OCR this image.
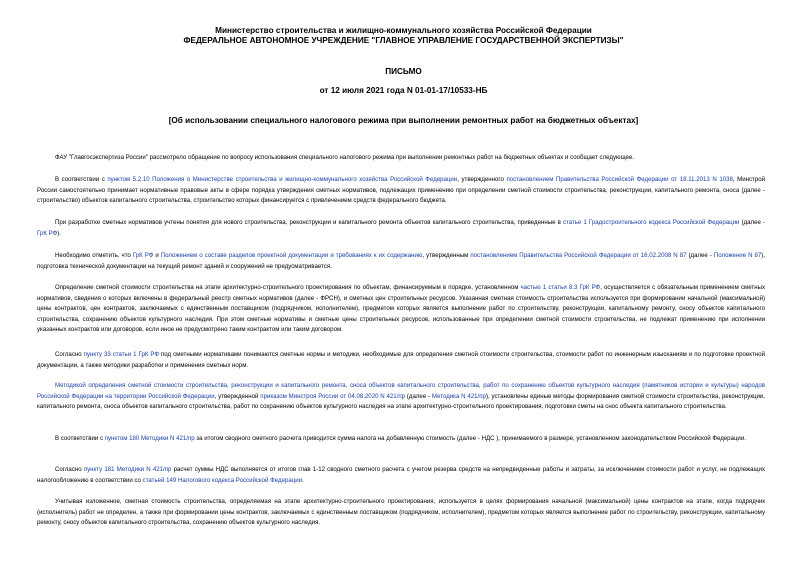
Министерство строительства и жилищно-коммунального хозяйства Российской Федерации
ФЕДЕРАЛЬНОЕ АВТОНОМНОЕ УЧРЕЖДЕНИЕ "ГЛАВНОЕ УПРАВЛЕНИЕ ГОСУДАРСТВЕННОЙ ЭКСПЕРТИЗЫ"
ПИСЬМО
от 12 июля 2021 года N 01-01-17/10533-НБ
[Об использовании специального налогового режима при выполнении ремонтных работ на бюджетных объектах]

ФАУ "Главгосэкспертиза России" рассмотрело обращение по вопросу использования специального налогового режима при выполнении ремонтных работ на бюджетных объектах и сообщает следующее.

В соответствии с пунктом 5.2.10 Положения о Министерстве строительства и жилищно-коммунального хозяйства Российской Федерации, утвержденного постановлением Правительства Российской Федерации от 18.11.2013 N 1038, Минстрой России самостоятельно принимает нормативные правовые акты в сфере порядка утверждения сметных нормативов, подлежащих применению при определении сметной стоимости строительства, реконструкции, капитального ремонта, сноса (далее - строительство) объектов капитального строительства, строительство которых финансируется с привлечением средств федерального бюджета.

При разработке сметных нормативов учтены понятия для нового строительства, реконструкции и капитального ремонта объектов капитального строительства, приведенные в статье 1 Градостроительного кодекса Российской Федерации (далее - ГрК РФ).

Необходимо отметить, что ГрК РФ и Положением о составе разделов проектной документации и требованиях к их содержанию, утвержденным постановлением Правительства Российской Федерации от 16.02.2008 N 87 (далее - Положение N 87), подготовка технической документации на текущий ремонт зданий и сооружений не предусматривается.

Определение сметной стоимости строительства на этапе архитектурно-строительного проектирования по объектам, финансируемым в порядке, установленном частью 1 статьи 8.3 ГрК РФ, осуществляется с обязательным применением сметных нормативов, сведения о которых включены в федеральный реестр сметных нормативов (далее - ФРСН), и сметных цен строительных ресурсов. Указанная сметная стоимость строительства используется при формировании начальной (максимальной) цены контрактов, цен контрактов, заключаемых с единственным поставщиком (подрядчиком, исполнителем), предметом которых является выполнение работ по строительству, реконструкции, капитальному ремонту, сносу объектов капитального строительства, сохранению объектов культурного наследия. При этом сметные нормативы и сметные цены строительных ресурсов, использованные при определении сметной стоимости строительства, не подлежат применению при исполнении указанных контрактов или договоров, если иное не предусмотрено таким контрактом или таким договором.

Согласно пункту 33 статьи 1 ГрК РФ под сметными нормативами понимаются сметные нормы и методики, необходимые для определения сметной стоимости строительства, стоимости работ по инженерным изысканиям и по подготовке проектной документации, а также методики разработки и применения сметных норм.

Методикой определения сметной стоимости строительства, реконструкции и капитального ремонта, сноса объектов капитального строительства, работ по сохранению объектов культурного наследия (памятников истории и культуры) народов Российской Федерации на территории Российской Федерации, утвержденной приказом Минстроя России от 04.08.2020 N 421/пр (далее - Методика N 421/пр), установлены единые методы формирования сметной стоимости строительства, реконструкции, капитального ремонта, сноса объектов капитального строительства, работ по сохранению объектов культурного наследия на этапе архитектурно-строительного проектирования, подготовки сметы на снос объекта капитального строительства.

В соответствии с пунктом 180 Методики N 421/пр за итогом сводного сметного расчета приводится сумма налога на добавленную стоимость (далее - НДС ), принимаемого в размере, установленном законодательством Российской Федерации.

Согласно пункту 181 Методики N 421/пр расчет суммы НДС выполняется от итогов глав 1-12 сводного сметного расчета с учетом резерва средств на непредвиденные работы и затраты, за исключением стоимости работ и услуг, не подлежащих налогообложению в соответствии со статьей 149 Налогового кодекса Российской Федерации.

Учитывая изложенное, сметная стоимость строительства, определяемая на этапе архитектурно-строительного проектирования, используется в целях формирования начальной (максимальной) цены контрактов на этапе, когда подрядчик (исполнитель) работ не определен, а также при формировании цены контрактов, заключаемых с единственным поставщиком (подрядчиком, исполнителем), предметом которых является выполнение работ по строительству, реконструкции, капитальному ремонту, сносу объектов капитального строительства, сохранению объектов культурного наследия.
